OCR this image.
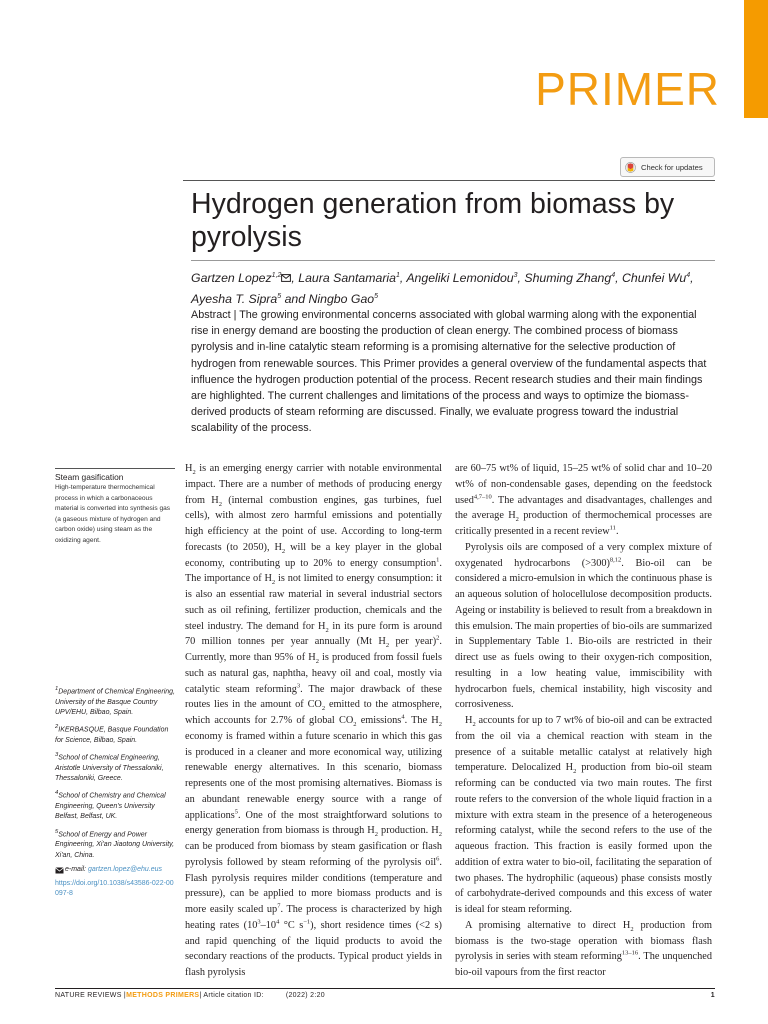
PRIMER
Check for updates
Hydrogen generation from biomass by pyrolysis
Gartzen Lopez$^{1,2}$ , Laura Santamaria$^1$, Angeliki Lemonidou$^3$, Shuming Zhang$^4$, Chunfei Wu$^4$, Ayesha T. Sipra$^5$ and Ningbo Gao$^5$
Abstract | The growing environmental concerns associated with global warming along with the exponential rise in energy demand are boosting the production of clean energy. The combined process of biomass pyrolysis and in-line catalytic steam reforming is a promising alternative for the selective production of hydrogen from renewable sources. This Primer provides a general overview of the fundamental aspects that influence the hydrogen production potential of the process. Recent research studies and their main findings are highlighted. The current challenges and limitations of the process and ways to optimize the biomass-derived products of steam reforming are discussed. Finally, we evaluate progress toward the industrial scalability of the process.
Steam gasification
High-temperature thermochemical process in which a carbonaceous material is converted into synthesis gas (a gaseous mixture of hydrogen and carbon oxide) using steam as the oxidizing agent.

$^1$Department of Chemical Engineering, University of the Basque Country UPV/EHU, Bilbao, Spain.

$^2$IKERBASQUE, Basque Foundation for Science, Bilbao, Spain.

$^3$School of Chemical Engineering, Aristotle University of Thessaloniki, Thessaloniki, Greece.

$^4$School of Chemistry and Chemical Engineering, Queen's University Belfast, Belfast, UK.

$^5$School of Energy and Power Engineering, Xi'an Jiaotong University, Xi'an, China.

e-mail: gartzen.lopez@ehu.eus
https://doi.org/10.1038/s43586-022-00097-8

$H_2$ is an emerging energy carrier with notable environmental impact. There are a number of methods of producing energy from $H_2$ (internal combustion engines, gas turbines, fuel cells), with almost zero harmful emissions and potentially high efficiency at the point of use. According to long-term forecasts (to 2050), $H_2$ will be a key player in the global economy, contributing up to 20% to energy consumption$^1$. The importance of $H_2$ is not limited to energy consumption: it is also an essential raw material in several industrial sectors such as oil refining, fertilizer production, chemicals and the steel industry. The demand for $H_2$ in its pure form is around 70 million tonnes per year annually (Mt $H_2$ per year)$^2$. Currently, more than 95% of $H_2$ is produced from fossil fuels such as natural gas, naphtha, heavy oil and coal, mostly via catalytic steam reforming$^3$. The major drawback of these routes lies in the amount of $CO_2$ emitted to the atmosphere, which accounts for 2.7% of global $CO_2$ emissions$^4$. The $H_2$ economy is framed within a future scenario in which this gas is produced in a cleaner and more economical way, utilizing renewable energy alternatives. In this scenario, biomass represents one of the most promising alternatives. Biomass is an abundant renewable energy source with a range of applications$^5$. One of the most straightforward solutions to energy generation from biomass is through $H_2$ production. $H_2$ can be produced from biomass by steam gasification or flash pyrolysis followed by steam reforming of the pyrolysis oil$^6$. Flash pyrolysis requires milder conditions (temperature and pressure), can be applied to more biomass products and is more easily scaled $up^7$. The process is characterized by high heating rates ($10^3-10^4$ °C $s^{-1}$), short residence times (<2 s) and rapid quenching of the liquid products to avoid the secondary reactions of the products. Typical product yields in flash pyrolysis

are 60–75 wt% of liquid, 15–25 wt% of solid char and 10–20 wt% of non-condensable gases, depending on the feedstock used$^{4,7-10}$. The advantages and disadvantages, challenges and the average $H_2$ production of thermochemical processes are critically presented in a recent review$^{11}$.

Pyrolysis oils are composed of a very complex mixture of oxygenated hydrocarbons (>300)$^{8,12}$. Bio-oil can be considered a micro-emulsion in which the continuous phase is an aqueous solution of holocellulose decomposition products. Ageing or instability is believed to result from a breakdown in this emulsion. The main properties of bio-oils are summarized in Supplementary Table 1. Bio-oils are restricted in their direct use as fuels owing to their oxygen-rich composition, resulting in a low heating value, immiscibility with hydrocarbon fuels, chemical instability, high viscosity and corrosiveness.

$H_2$ accounts for up to 7 wt% of bio-oil and can be extracted from the oil via a chemical reaction with steam in the presence of a suitable metallic catalyst at relatively high temperature. Delocalized $H_2$ production from bio-oil steam reforming can be conducted via two main routes. The first route refers to the conversion of the whole liquid fraction in a mixture with extra steam in the presence of a heterogeneous reforming catalyst, while the second refers to the use of the aqueous fraction. This fraction is easily formed upon the addition of extra water to bio-oil, facilitating the separation of two phases. The hydrophilic (aqueous) phase consists mostly of carbohydrate-derived compounds and this excess of water is ideal for steam reforming.

A promising alternative to direct $H_2$ production from biomass is the two-stage operation with biomass flash pyrolysis in series with steam reforming$^{13-16}$. The unquenched bio-oil vapours from the first reactor

NATURE REVIEWS | METHODS PRIMERS | Article citation ID:	(2022) 2:20	1
